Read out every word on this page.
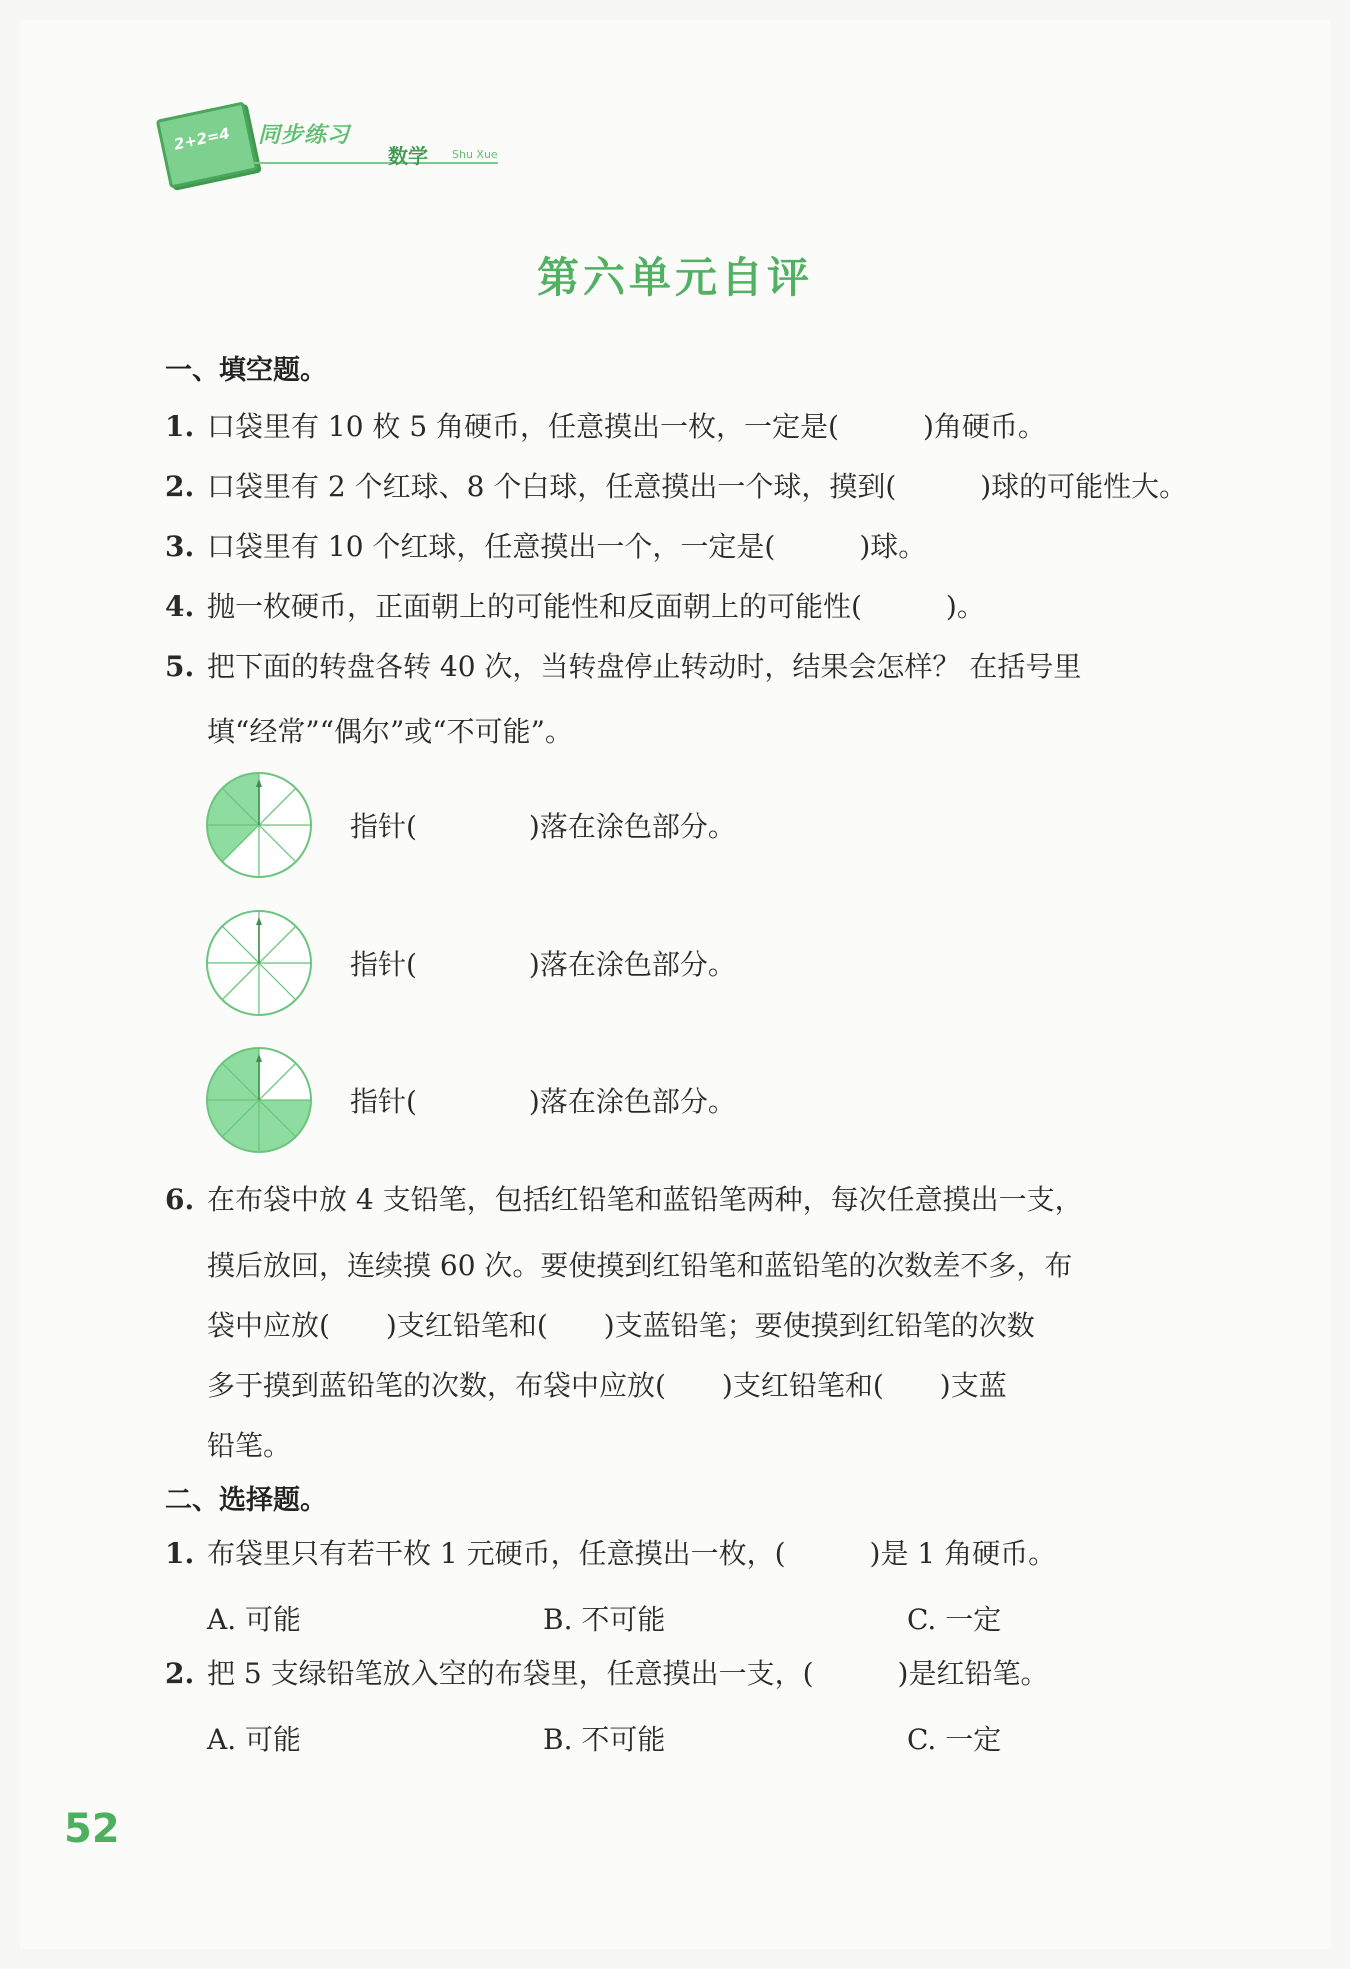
2+2=4 同步练习
数学 Shu Xue
第六单元自评
一、填空题。
1. 口袋里有 10 枚 5 角硬币，任意摸出一枚，一定是(　　　)角硬币。
2. 口袋里有 2 个红球、8 个白球，任意摸出一个球，摸到(　　　)球的可能性大。
3. 口袋里有 10 个红球，任意摸出一个，一定是(　　　)球。
4. 抛一枚硬币，正面朝上的可能性和反面朝上的可能性(　　　)。
5. 把下面的转盘各转 40 次，当转盘停止转动时，结果会怎样？ 在括号里
填“经常”“偶尔”或“不可能”。
指针(　　　　)落在涂色部分。
指针(　　　　)落在涂色部分。
指针(　　　　)落在涂色部分。
6. 在布袋中放 4 支铅笔，包括红铅笔和蓝铅笔两种，每次任意摸出一支，
摸后放回，连续摸 60 次。要使摸到红铅笔和蓝铅笔的次数差不多，布
袋中应放(　　)支红铅笔和(　　)支蓝铅笔；要使摸到红铅笔的次数
多于摸到蓝铅笔的次数，布袋中应放(　　)支红铅笔和(　　)支蓝
铅笔。
二、选择题。
1. 布袋里只有若干枚 1 元硬币，任意摸出一枚，(　　　)是 1 角硬币。
A. 可能	B. 不可能	C. 一定
2. 把 5 支绿铅笔放入空的布袋里，任意摸出一支，(　　　)是红铅笔。
A. 可能	B. 不可能	C. 一定
52
